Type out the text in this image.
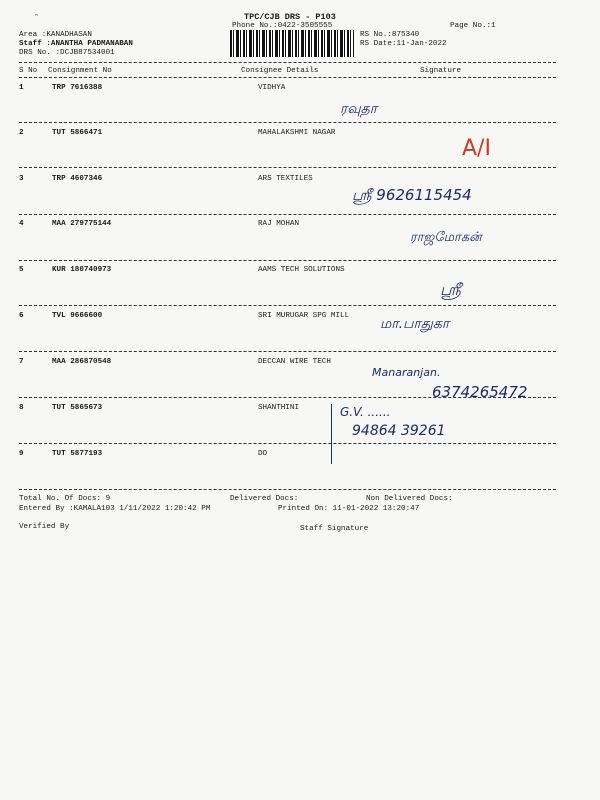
ᵔ	TPC/CJB DRS - P103
Phone No.:0422-3505555	Page No.:1
Area :KANADHASAN
Staff :ANANTHA PADMANABAN
DRS No. :DCJB87534001
RS No.:875340
RS Date:11-Jan-2022
S No Consignment No	Consignee Details	Signature
1	TRP 7616388	VIDHYA
ரவுதா
2	TUT 5866471	MAHALAKSHMI NAGAR
A/I
3	TRP 4607346	ARS TEXTILES
ஸ்ரீ 9626115454
4	MAA 279775144	RAJ MOHAN
ராஜமோகன்
5	KUR 180740973	AAMS TECH SOLUTIONS
ஸ்ரீ
6	TVL 9666600	SRI MURUGAR SPG MILL மா.பாதுகா
7	MAA 286870548	DECCAN WIRE TECH
Manaranjan.
6374265472
8	TUT 5865673	SHANTHINI	G.V. ......
94864 39261
9	TUT 5877193	DO
Total No. Of Docs: 9	Delivered Docs:	Non Delivered Docs:
Entered By :KAMALA103 1/11/2022 1:20:42 PM	Printed On: 11-01-2022 13:20:47
Verified By	Staff Signature
